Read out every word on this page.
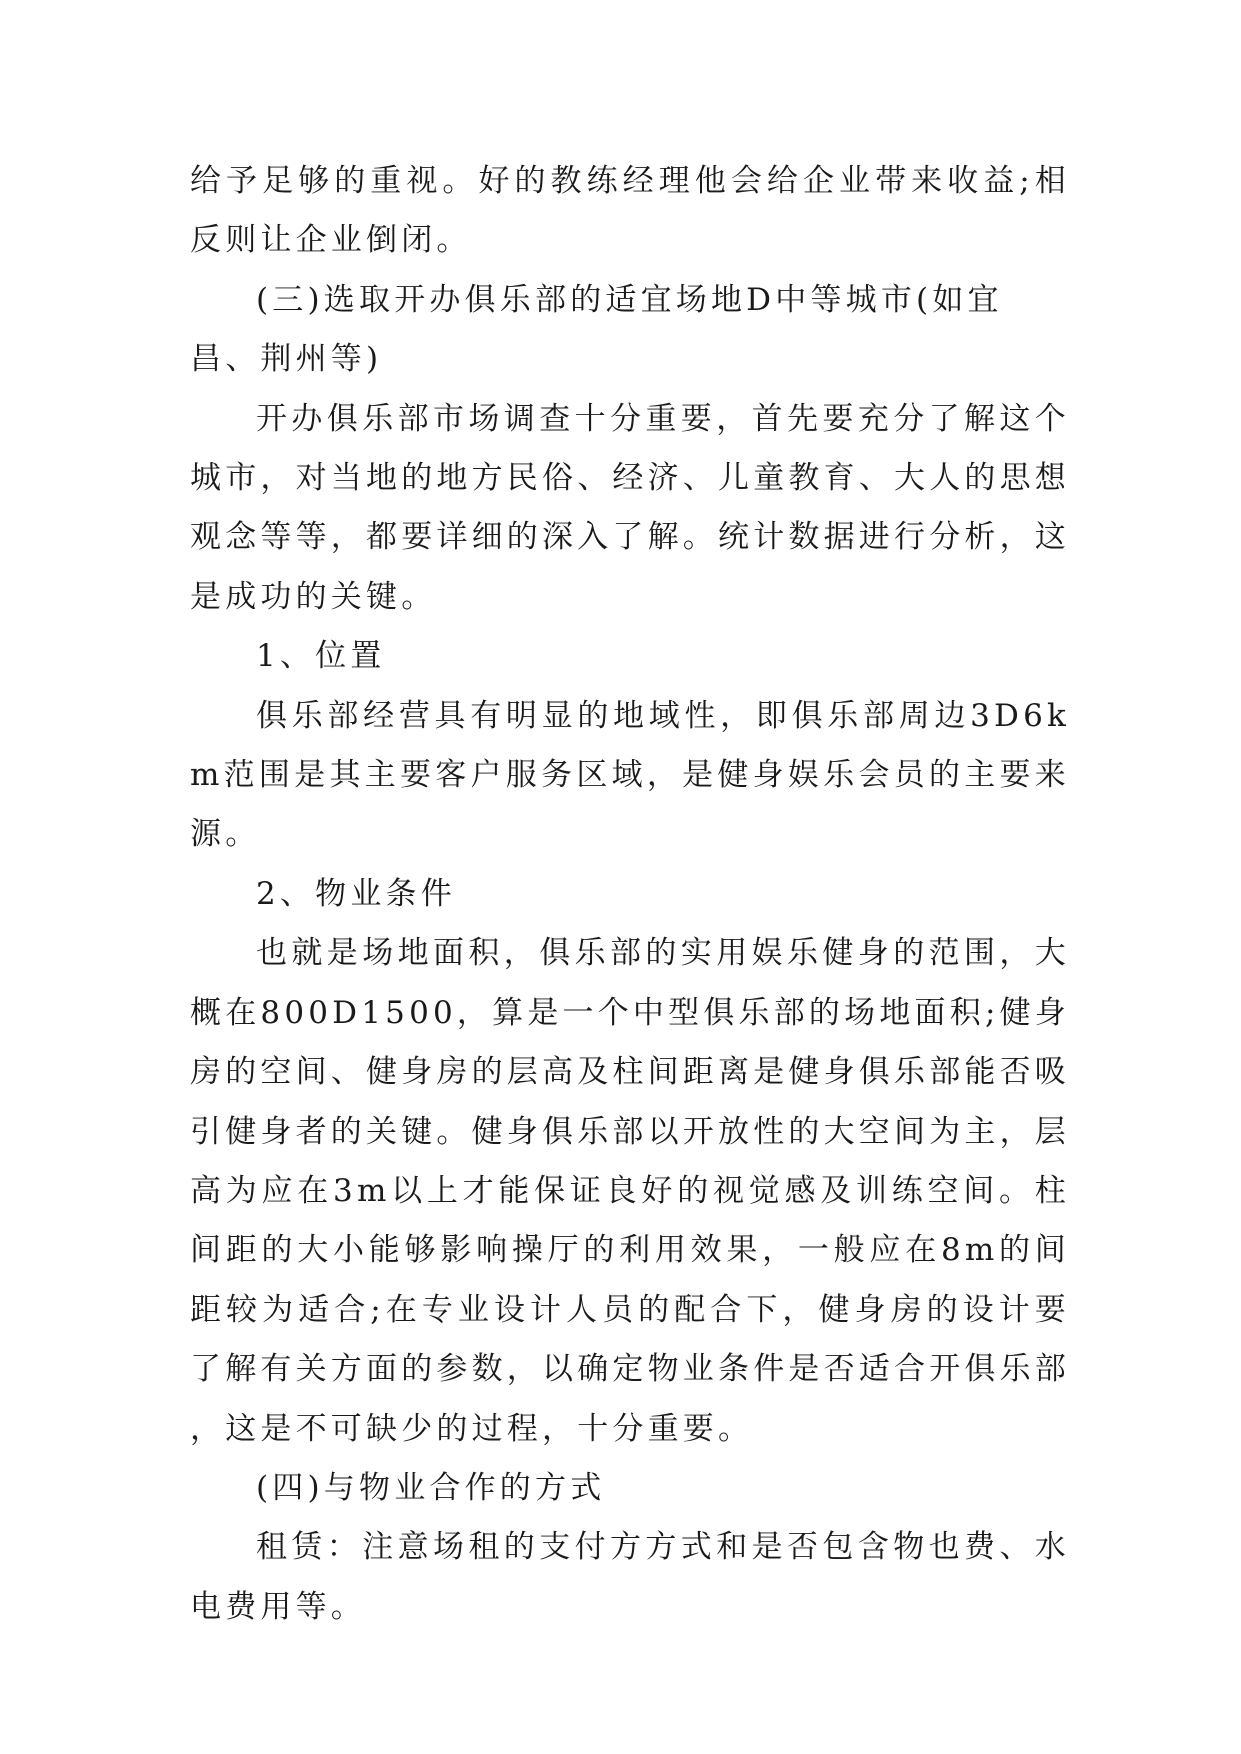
给予足够的重视。好的教练经理他会给企业带来收益;相反则让企业倒闭。

(三)选取开办俱乐部的适宜场地D中等城市(如宜昌、荆州等)

开办俱乐部市场调查十分重要，首先要充分了解这个城市，对当地的地方民俗、经济、儿童教育、大人的思想观念等等，都要详细的深入了解。统计数据进行分析，这是成功的关键。

1、位置

俱乐部经营具有明显的地域性，即俱乐部周边3D6km范围是其主要客户服务区域，是健身娱乐会员的主要来源。

2、物业条件

也就是场地面积，俱乐部的实用娱乐健身的范围，大概在800D1500，算是一个中型俱乐部的场地面积;健身房的空间、健身房的层高及柱间距离是健身俱乐部能否吸引健身者的关键。健身俱乐部以开放性的大空间为主，层高为应在3m以上才能保证良好的视觉感及训练空间。柱间距的大小能够影响操厅的利用效果，一般应在8m的间距较为适合;在专业设计人员的配合下，健身房的设计要了解有关方面的参数，以确定物业条件是否适合开俱乐部，这是不可缺少的过程，十分重要。

(四)与物业合作的方式

租赁：注意场租的支付方方式和是否包含物也费、水电费用等。
